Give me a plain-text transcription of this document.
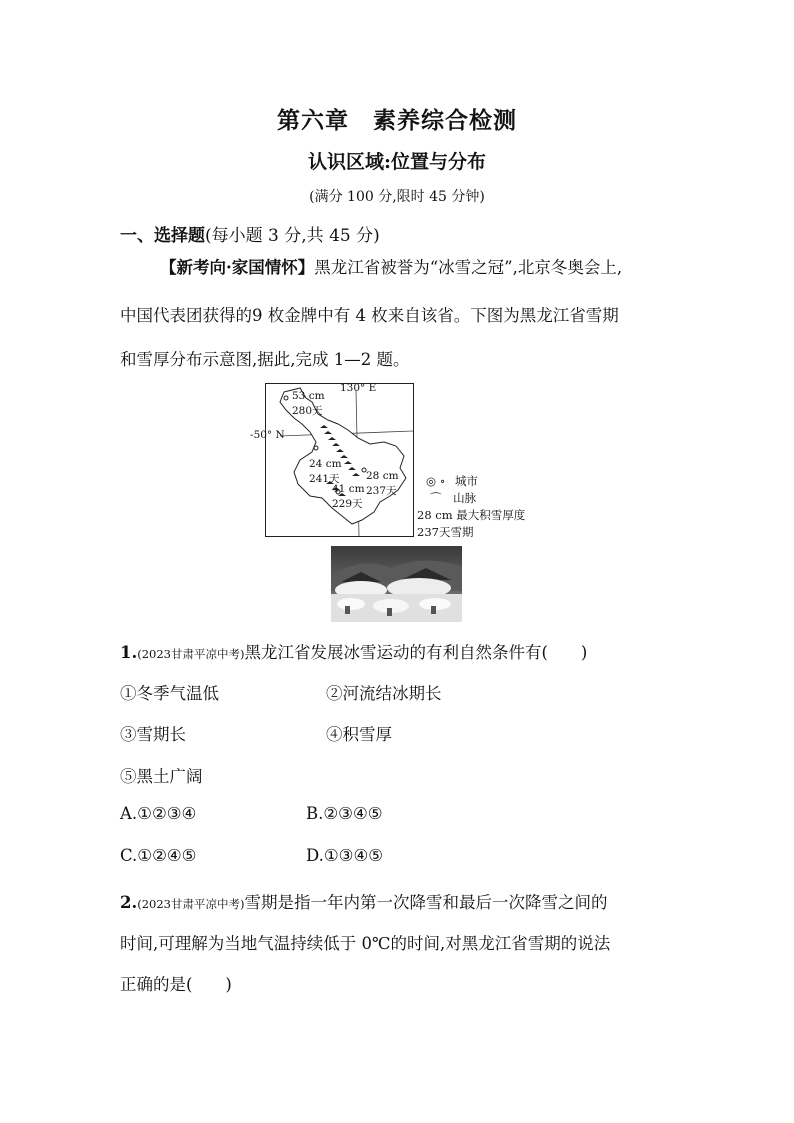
第六章　素养综合检测
认识区域:位置与分布
(满分 100 分,限时 45 分钟)
一、选择题(每小题 3 分,共 45 分)
【新考向·家国情怀】黑龙江省被誉为“冰雪之冠”,北京冬奥会上,
中国代表团获得的9 枚金牌中有 4 枚来自该省。下图为黑龙江省雪期
和雪厚分布示意图,据此,完成 1—2 题。
130° E
-50° N
53 cm
280天
24 cm
241天	28 cm
237天
41 cm
229天
◎ ∘ 城市
⌒ 山脉
28 cm 最大积雪厚度
237天雪期
1.(2023甘肃平凉中考)黑龙江省发展冰雪运动的有利自然条件有(　　)
①冬季气温低	②河流结冰期长
③雪期长	④积雪厚
⑤黑土广阔
A.①②③④	B.②③④⑤
C.①②④⑤	D.①③④⑤
2.(2023甘肃平凉中考)雪期是指一年内第一次降雪和最后一次降雪之间的
时间,可理解为当地气温持续低于 0℃的时间,对黑龙江省雪期的说法
正确的是(　　)
